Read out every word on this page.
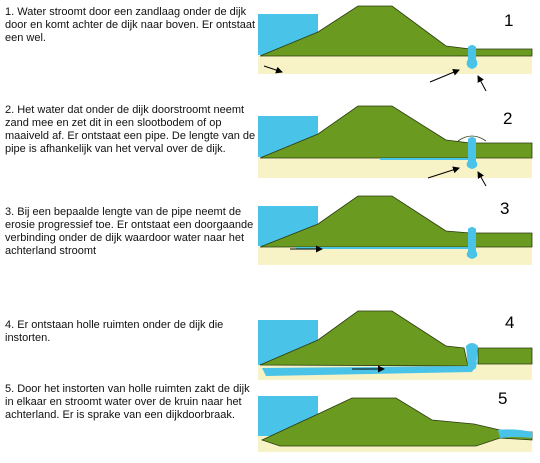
1. Water stroomt door een zandlaag onder de dijk door en komt achter de dijk naar boven. Er ontstaat een wel.

2. Het water dat onder de dijk doorstroomt neemt zand mee en zet dit in een slootbodem of op maaiveld af. Er ontstaat een pipe. De lengte van de pipe is afhankelijk van het verval over de dijk.

3. Bij een bepaalde lengte van de pipe neemt de erosie progressief toe. Er ontstaat een doorgaande verbinding onder de dijk waardoor water naar het achterland stroomt

4. Er ontstaan holle ruimten onder de dijk die instorten.

5. Door het instorten van holle ruimten zakt de dijk in elkaar en stroomt water over de kruin naar het achterland. Er is sprake van een dijkdoorbraak.

1
2
3
4
5
